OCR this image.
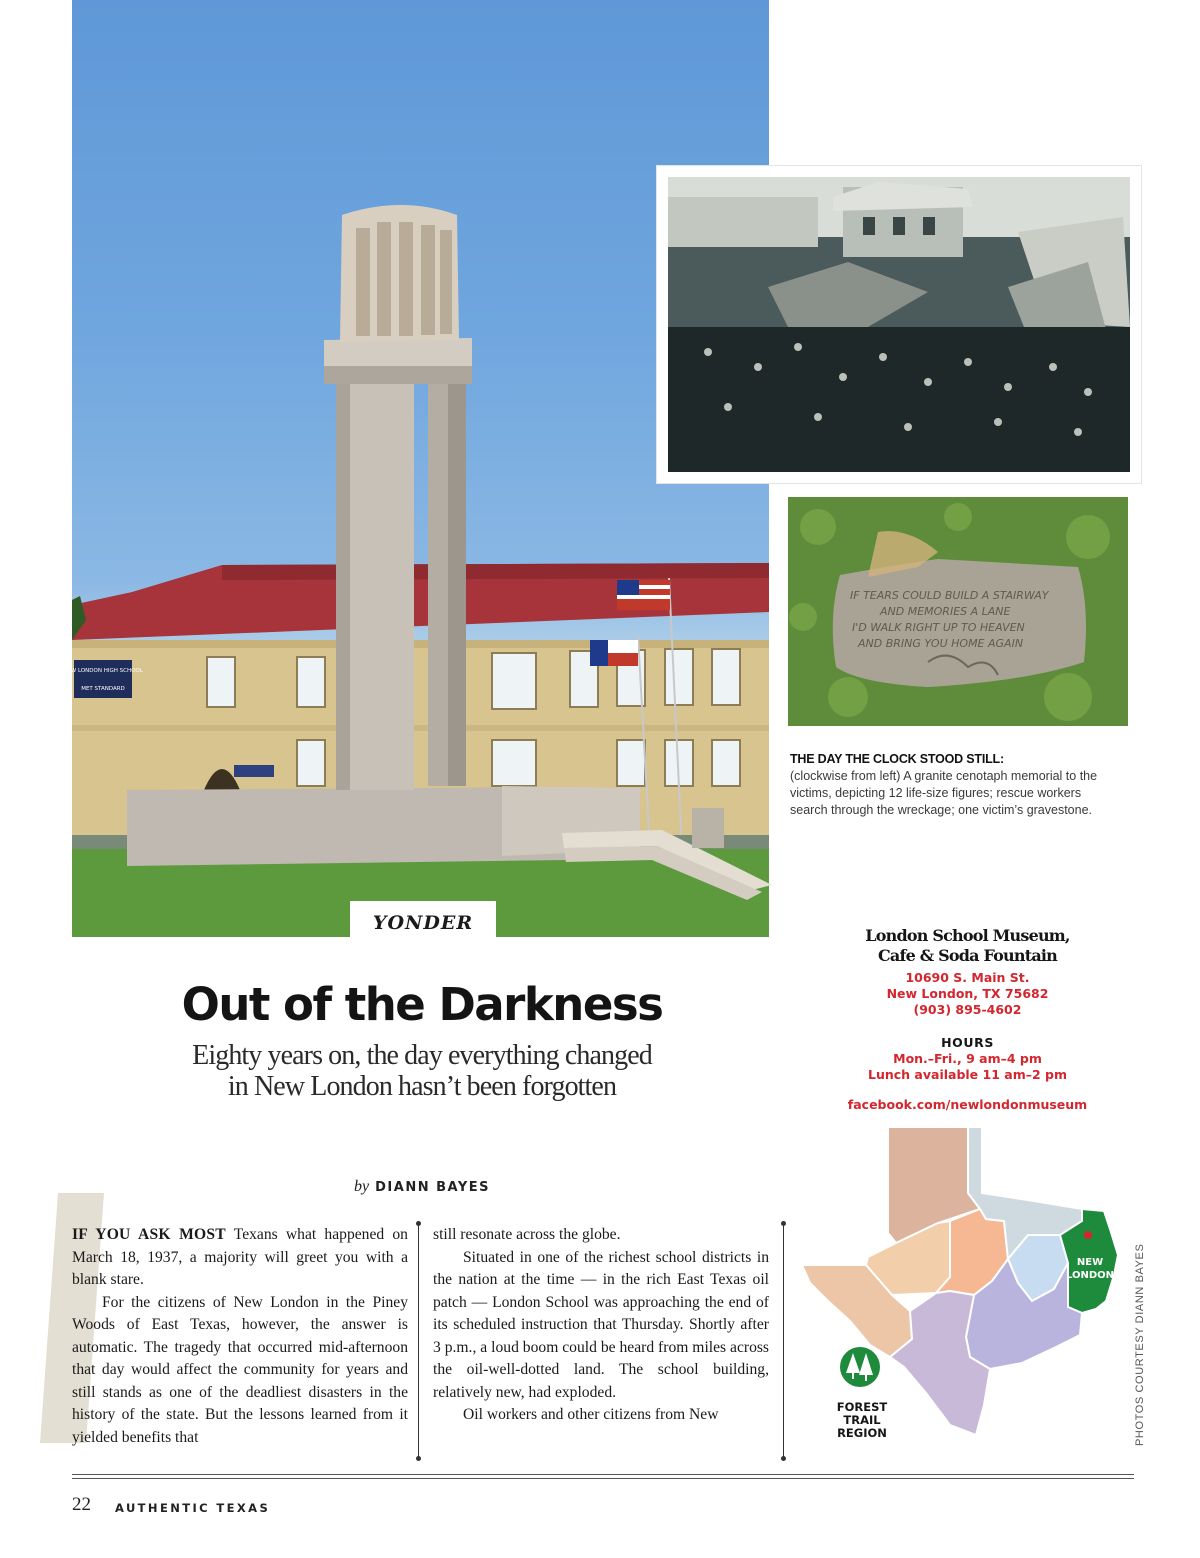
NEW LONDON HIGH SCHOOL
MET STANDARD
IF TEARS COULD BUILD A STAIRWAY
AND MEMORIES A LANE
I'D WALK RIGHT UP TO HEAVEN
AND BRING YOU HOME AGAIN
THE DAY THE CLOCK STOOD STILL:
(clockwise from left) A granite cenotaph memorial to the victims, depicting 12 life-size figures; rescue workers search through the wreckage; one victim’s gravestone.
YONDER
Out of the Darkness
Eighty years on, the day everything changed
in New London hasn’t been forgotten
by DIANN BAYES

IF YOU ASK MOST Texans what happened on March 18, 1937, a majority will greet you with a blank stare.

For the citizens of New London in the Piney Woods of East Texas, however, the answer is automatic. The tragedy that occurred mid-afternoon that day would affect the community for years and still stands as one of the deadliest disasters in the history of the state. But the lessons learned from it yielded benefits that

still resonate across the globe.

Situated in one of the richest school districts in the nation at the time — in the rich East Texas oil patch — London School was approaching the end of its scheduled instruction that Thursday. Shortly after 3 p.m., a loud boom could be heard from miles across the oil-well-dotted land. The school building, relatively new, had exploded.

Oil workers and other citizens from New

London School Museum,
Cafe & Soda Fountain
10690 S. Main St.
New London, TX 75682
(903) 895-4602
HOURS
Mon.–Fri., 9 am–4 pm
Lunch available 11 am–2 pm
facebook.com/newlondonmuseum
NEW
LONDON
FOREST
TRAIL
REGION	PHOTOS COURTESY DIANN BAYES
22 AUTHENTIC TEXAS
